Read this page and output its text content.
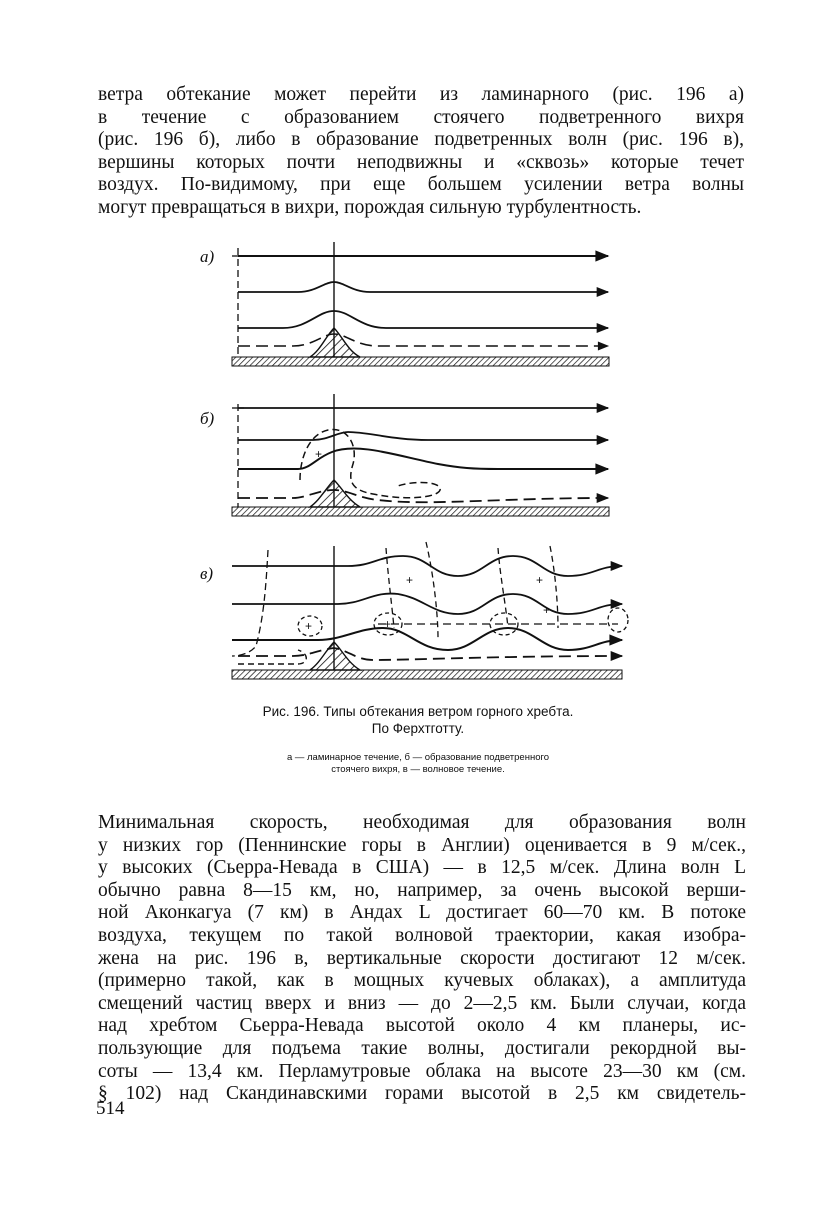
ветра обтекание может перейти из ламинарного (рис. 196 а)
в течение с образованием стоячего подветренного вихря
(рис. 196 б), либо в образование подветренных волн (рис. 196 в),
вершины которых почти неподвижны и «сквозь» которые течет
воздух. По-видимому, при еще большем усилении ветра волны
могут превращаться в вихри, порождая сильную турбулентность.
а)
б)
+
в)
+	+
+	+
+

Рис. 196. Типы обтекания ветром горного хребта.
По Ферхтготту.

а — ламинарное течение, б — образование подветренного
стоячего вихря, в — волновое течение.

Минимальная скорость, необходимая для образования волн
у низких гор (Пеннинские горы в Англии) оценивается в 9 м/сек.,
у высоких (Сьерра-Невада в США) — в 12,5 м/сек. Длина волн L
обычно равна 8—15 км, но, например, за очень высокой верши-
ной Аконкагуа (7 км) в Андах L достигает 60—70 км. В потоке
воздуха, текущем по такой волновой траектории, какая изобра-
жена на рис. 196 в, вертикальные скорости достигают 12 м/сек.
(примерно такой, как в мощных кучевых облаках), а амплитуда
смещений частиц вверх и вниз — до 2—2,5 км. Были случаи, когда
над хребтом Сьерра-Невада высотой около 4 км планеры, ис-
пользующие для подъема такие волны, достигали рекордной вы-
соты — 13,4 км. Перламутровые облака на высоте 23—30 км (см.
§ 102) над Скандинавскими горами высотой в 2,5 км свидетель-

514
